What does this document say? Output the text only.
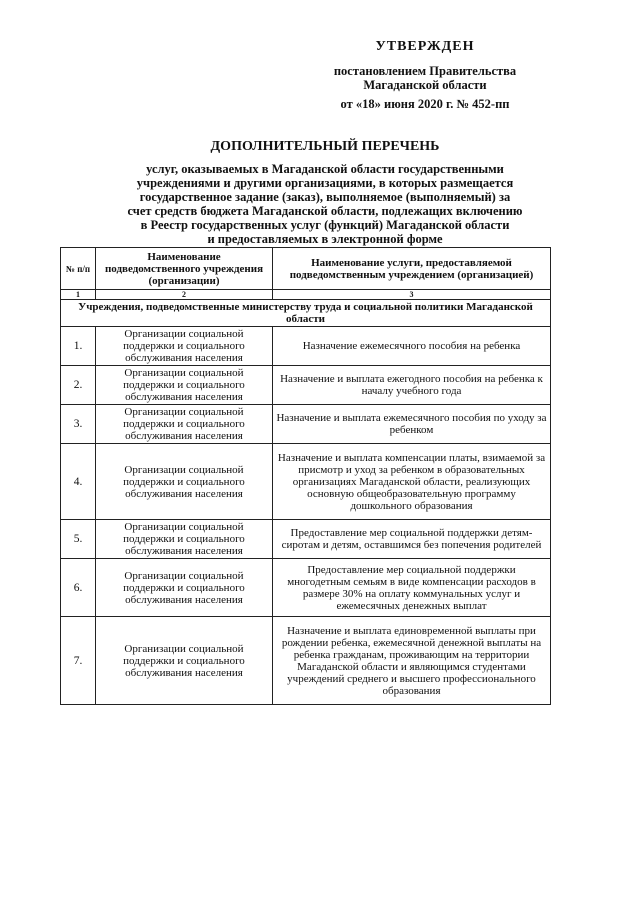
УТВЕРЖДЕН
постановлением Правительства
Магаданской области
от «18» июня 2020 г. № 452-пп
ДОПОЛНИТЕЛЬНЫЙ ПЕРЕЧЕНЬ
услуг, оказываемых в Магаданской области государственными
учреждениями и другими организациями, в которых размещается
государственное задание (заказ), выполняемое (выполняемый) за
счет средств бюджета Магаданской области, подлежащих включению
в Реестр государственных услуг (функций) Магаданской области
и предоставляемых в электронной форме
№ п/п	Наименование подведомственного учреждения (организации)	Наименование услуги, предоставляемой подведомственным учреждением (организацией)
1	2	3
Учреждения, подведомственные министерству труда и социальной политики Магаданской области		
1.	Организации социальной поддержки и социального обслуживания населения	Назначение ежемесячного пособия на ребенка
2.	Организации социальной поддержки и социального обслуживания населения	Назначение и выплата ежегодного пособия на ребенка к началу учебного года
3.	Организации социальной поддержки и социального обслуживания населения	Назначение и выплата ежемесячного пособия по уходу за ребенком
4.	Организации социальной поддержки и социального обслуживания населения	Назначение и выплата компенсации платы, взимаемой за присмотр и уход за ребенком в образовательных организациях Магаданской области, реализующих основную общеобразовательную программу дошкольного образования
5.	Организации социальной поддержки и социального обслуживания населения	Предоставление мер социальной поддержки детям-сиротам и детям, оставшимся без попечения родителей
6.	Организации социальной поддержки и социального обслуживания населения	Предоставление мер социальной поддержки многодетным семьям в виде компенсации расходов в размере 30% на оплату коммунальных услуг и ежемесячных денежных выплат
7.	Организации социальной поддержки и социального обслуживания населения	Назначение и выплата единовременной выплаты при рождении ребенка, ежемесячной денежной выплаты на ребенка гражданам, проживающим на территории Магаданской области и являющимся студентами учреждений среднего и высшего профессионального образования
